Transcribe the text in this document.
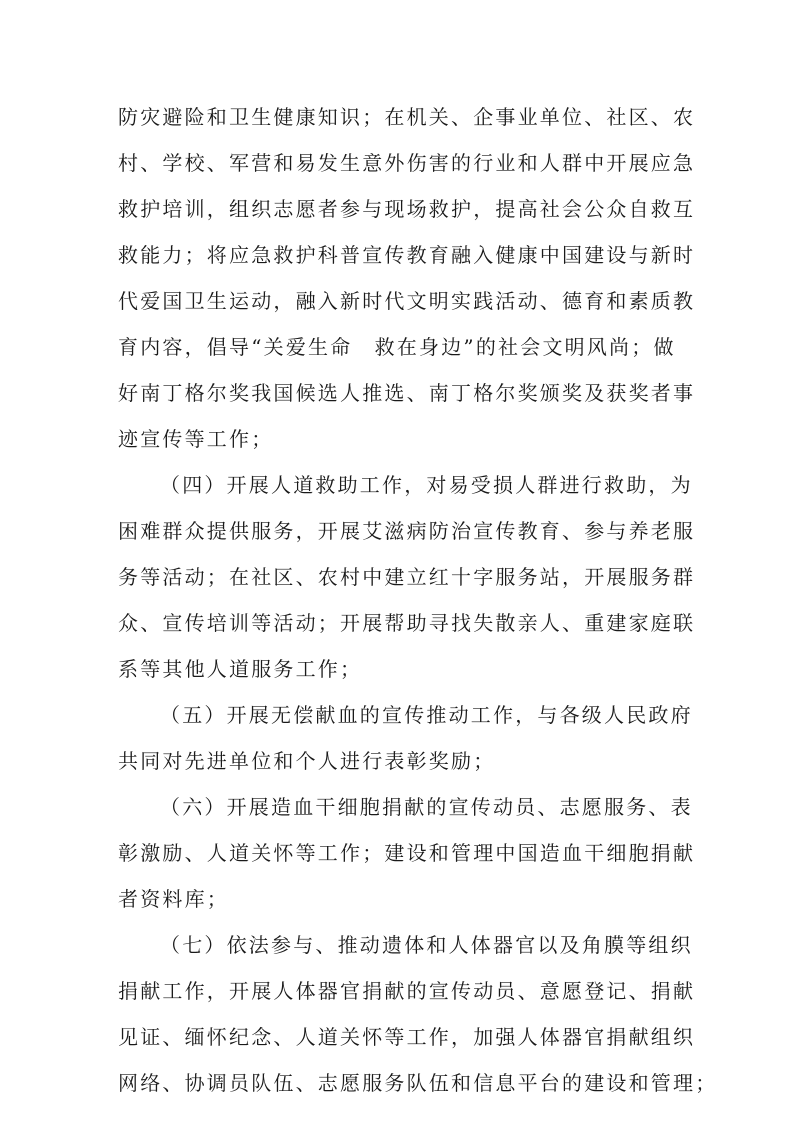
防灾避险和卫生健康知识；在机关、企事业单位、社区、农
村、学校、军营和易发生意外伤害的行业和人群中开展应急
救护培训，组织志愿者参与现场救护，提高社会公众自救互
救能力；将应急救护科普宣传教育融入健康中国建设与新时
代爱国卫生运动，融入新时代文明实践活动、德育和素质教
育内容，倡导“关爱生命　救在身边”的社会文明风尚；做
好南丁格尔奖我国候选人推选、南丁格尔奖颁奖及获奖者事
迹宣传等工作；
（四）开展人道救助工作，对易受损人群进行救助，为
困难群众提供服务，开展艾滋病防治宣传教育、参与养老服
务等活动；在社区、农村中建立红十字服务站，开展服务群
众、宣传培训等活动；开展帮助寻找失散亲人、重建家庭联
系等其他人道服务工作；
（五）开展无偿献血的宣传推动工作，与各级人民政府
共同对先进单位和个人进行表彰奖励；
（六）开展造血干细胞捐献的宣传动员、志愿服务、表
彰激励、人道关怀等工作；建设和管理中国造血干细胞捐献
者资料库；
（七）依法参与、推动遗体和人体器官以及角膜等组织
捐献工作，开展人体器官捐献的宣传动员、意愿登记、捐献
见证、缅怀纪念、人道关怀等工作，加强人体器官捐献组织
网络、协调员队伍、志愿服务队伍和信息平台的建设和管理；
